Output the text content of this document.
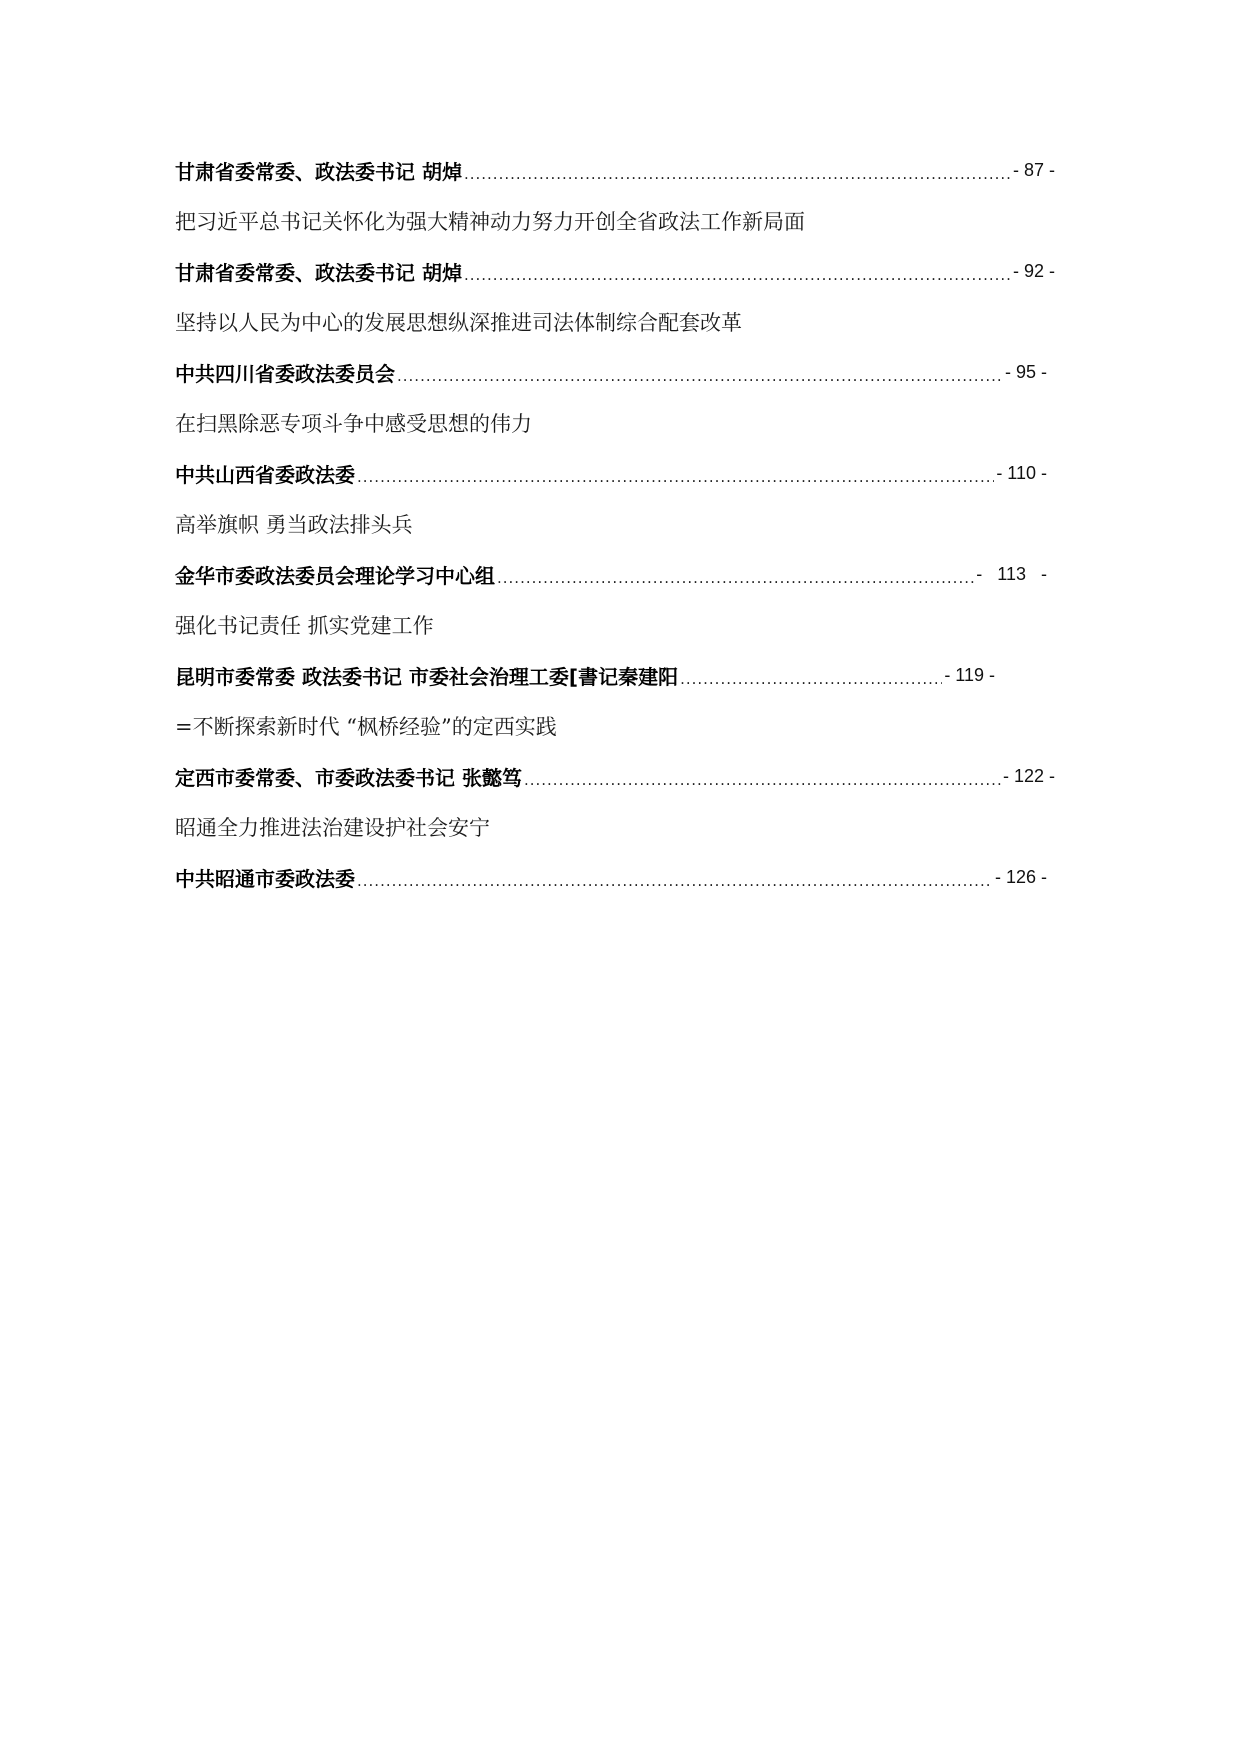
甘肃省委常委、政法委书记 胡焯 .....	- 87 -
把习近平总书记关怀化为强大精神动力努力开创全省政法工作新局面
甘肃省委常委、政法委书记 胡焯 .....	- 92 -
坚持以人民为中心的发展思想纵深推进司法体制综合配套改革
中共四川省委政法委员会 .....	- 95 -
在扫黑除恶专项斗争中感受思想的伟力
中共山西省委政法委 .....	- 110 -
高举旗帜 勇当政法排头兵
金华市委政法委员会理论学习中心组 .....	-   113   -
强化书记责任 抓实党建工作
昆明市委常委 政法委书记 市委社会治理工委[書记秦建阳 .....	- 119 -
=不断探索新时代 “枫桥经验”的定西实践
定西市委常委、市委政法委书记 张懿笃 .....	- 122 -
昭通全力推进法治建设护社会安宁
中共昭通市委政法委 .....	- 126 -
